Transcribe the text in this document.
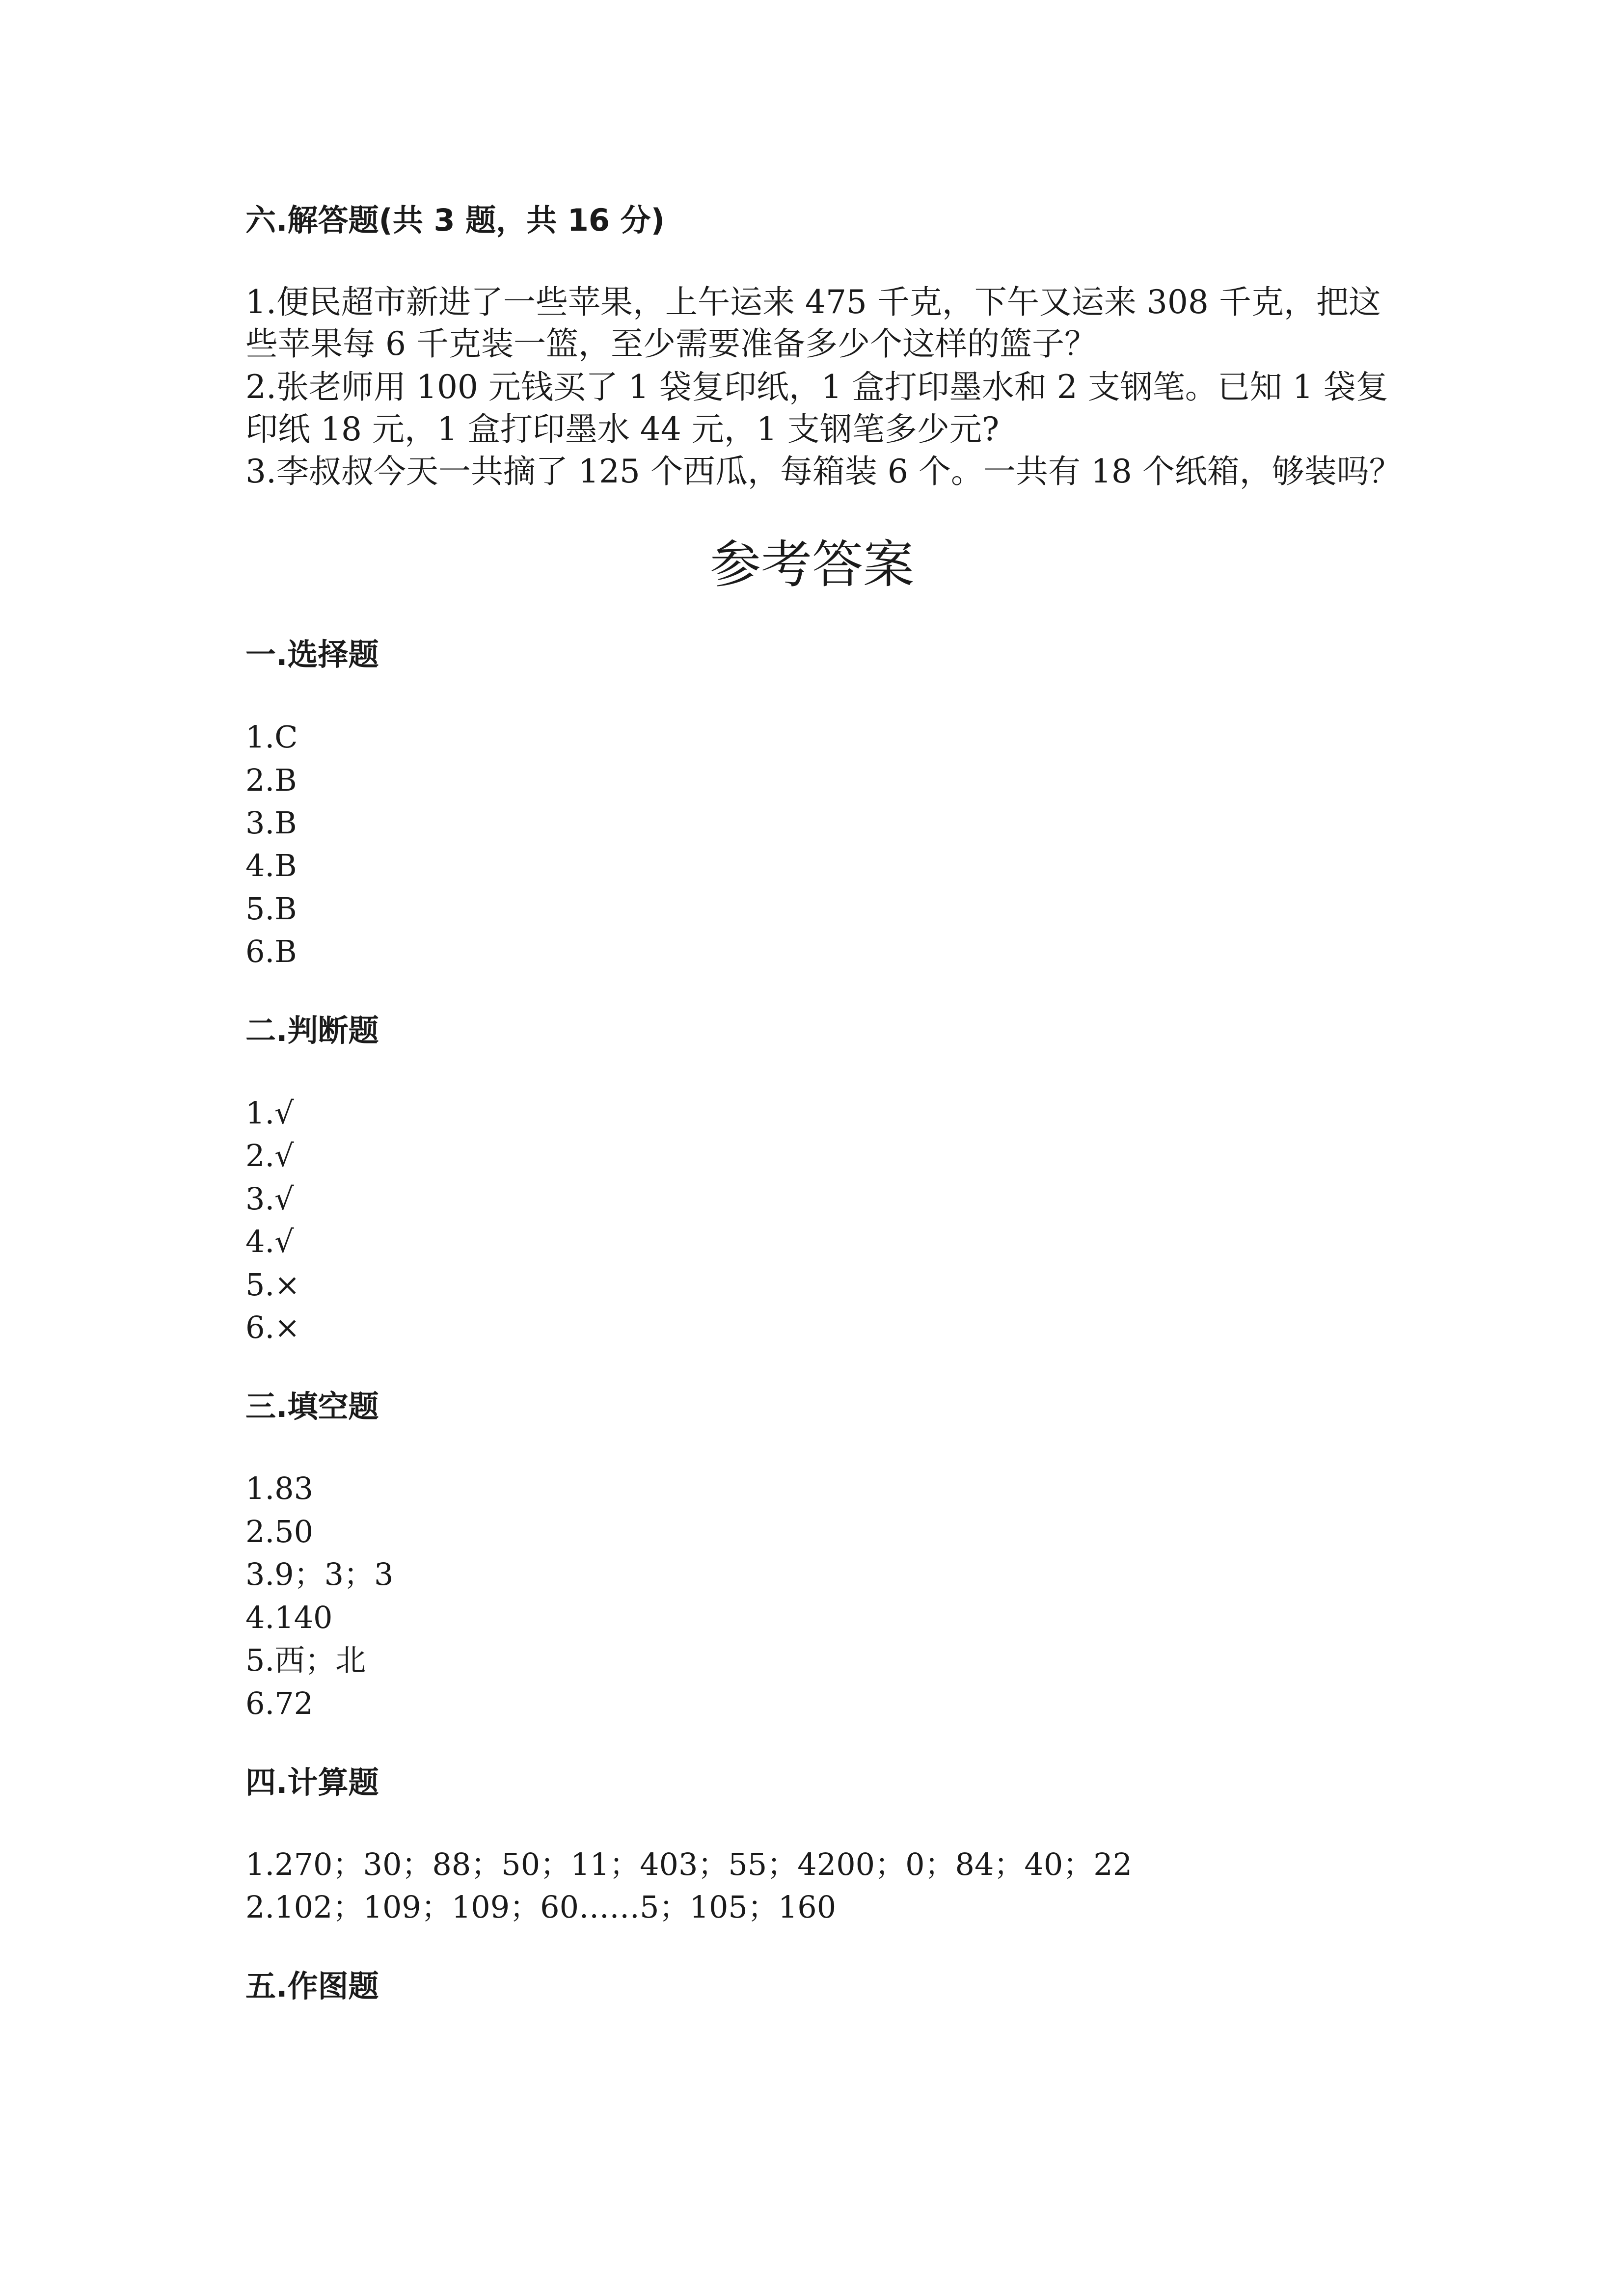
六.解答题(共 3 题，共 16 分)
1.便民超市新进了一些苹果，上午运来 475 千克，下午又运来 308 千克，把这
些苹果每 6 千克装一篮，至少需要准备多少个这样的篮子？
2.张老师用 100 元钱买了 1 袋复印纸，1 盒打印墨水和 2 支钢笔。已知 1 袋复
印纸 18 元，1 盒打印墨水 44 元，1 支钢笔多少元?
3.李叔叔今天一共摘了 125 个西瓜，每箱装 6 个。一共有 18 个纸箱，够装吗？
参考答案
一.选择题
1.C
2.B
3.B
4.B
5.B
6.B
二.判断题
1.√
2.√
3.√
4.√
5.×
6.×
三.填空题
1.83
2.50
3.9；3；3
4.140
5.西；北
6.72
四.计算题
1.270；30；88；50；11；403；55；4200；0；84；40；22
2.102；109；109；60……5；105；160
五.作图题
